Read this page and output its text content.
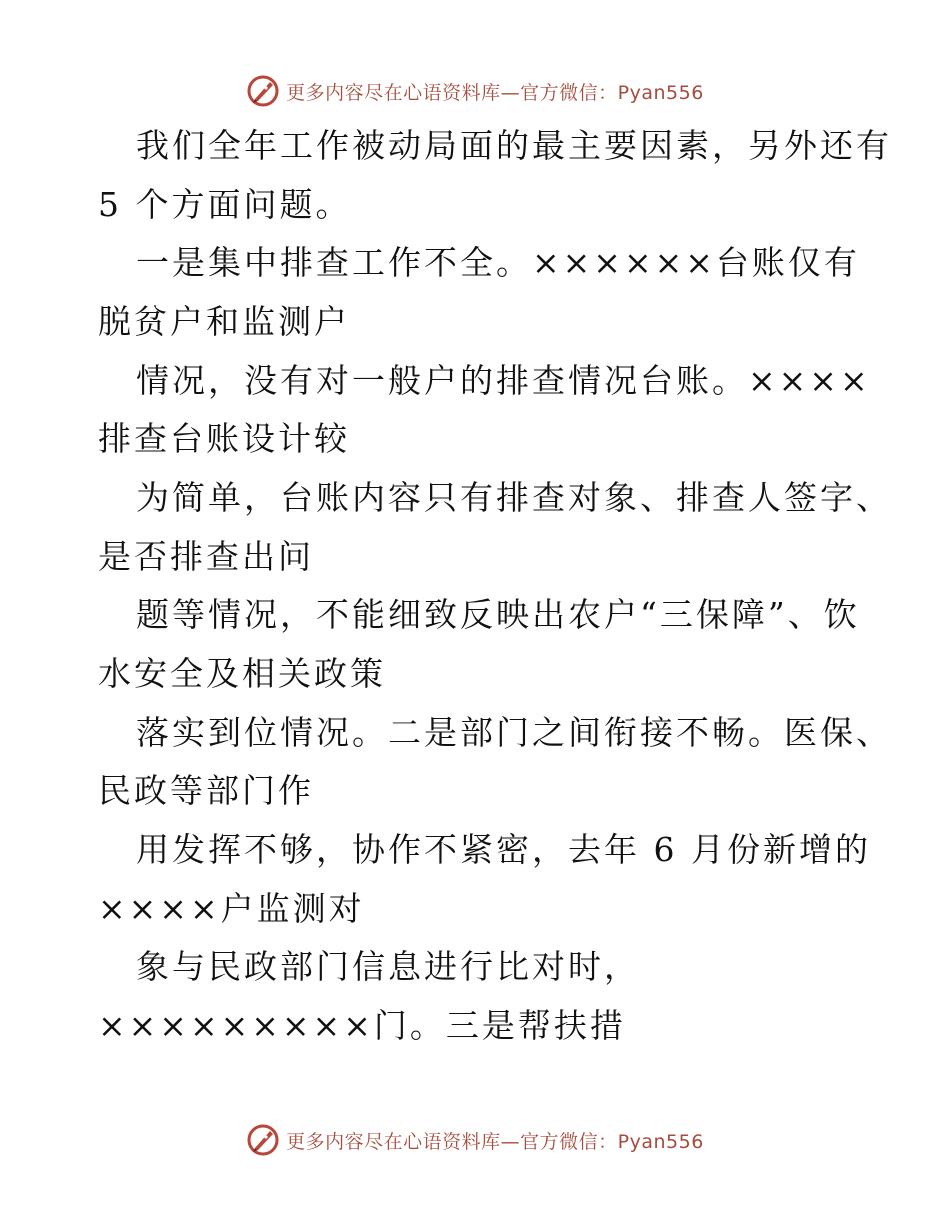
更多内容尽在心语资料库—官方微信：Pyan556
我们全年工作被动局面的最主要因素，另外还有
5 个方面问题。
一是集中排查工作不全。××××××台账仅有
脱贫户和监测户
情况，没有对一般户的排查情况台账。××××
排查台账设计较
为简单，台账内容只有排查对象、排查人签字、
是否排查出问
题等情况，不能细致反映出农户“三保障”、饮
水安全及相关政策
落实到位情况。二是部门之间衔接不畅。医保、
民政等部门作
用发挥不够，协作不紧密，去年 6 月份新增的
××××户监测对
象与民政部门信息进行比对时，
×××××××××门。三是帮扶措
更多内容尽在心语资料库—官方微信：Pyan556
